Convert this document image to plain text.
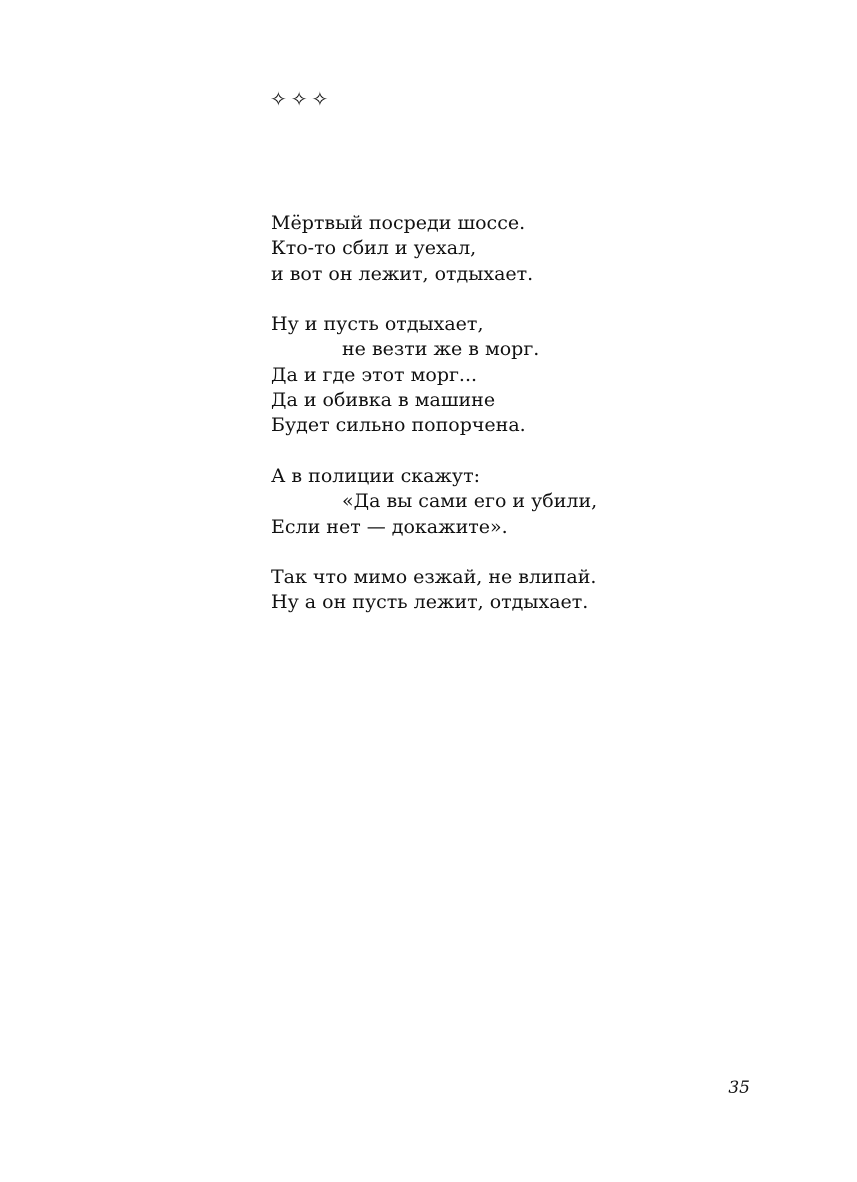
✧✧✧
Мёртвый посреди шоссе.
Кто-то сбил и уехал,
и вот он лежит, отдыхает.
Ну и пусть отдыхает,
не везти же в морг.
Да и где этот морг...
Да и обивка в машине
Будет сильно попорчена.
А в полиции скажут:
«Да вы сами его и убили,
Если нет — докажите».
Так что мимо езжай, не влипай.
Ну а он пусть лежит, отдыхает.
35
